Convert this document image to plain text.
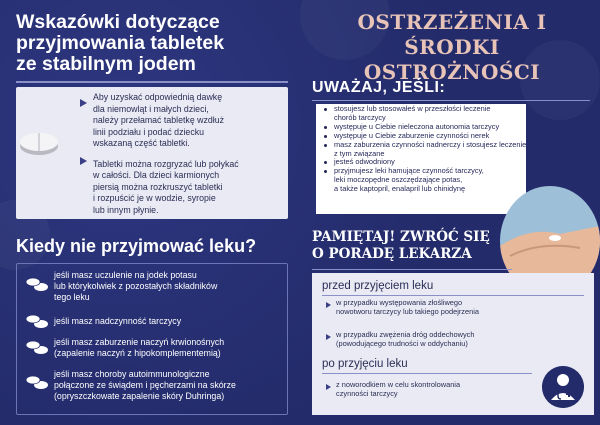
Wskazówki dotyczące
przyjmowania tabletek
ze stabilnym jodem

Aby uzyskać odpowiednią dawkę
dla niemowląt i małych dzieci,
należy przełamać tabletkę wzdłuż
linii podziału i podać dziecku
wskazaną część tabletki.

Tabletki można rozgryzać lub połykać
w całości. Dla dzieci karmionych
piersią można rozkruszyć tabletki
i rozpuścić je w wodzie, syropie
lub innym płynie.

Kiedy nie przyjmować leku?
jeśli masz uczulenie na jodek potasu
lub którykolwiek z pozostałych składników
tego leku
jeśli masz nadczynność tarczycy
jeśli masz zaburzenie naczyń krwionośnych
(zapalenie naczyń z hipokomplementemią)
jeśli masz choroby autoimmunologiczne
połączone ze świądem i pęcherzami na skórze
(opryszczkowate zapalenie skóry Duhringa)
OSTRZEŻENIA I ŚRODKI
OSTROŻNOŚCI
UWAŻAJ, JEŚLI:
stosujesz lub stosowałeś w przeszłości leczenie
chorób tarczycy
występuje u Ciebie nieleczona autonomia tarczycy
występuje u Ciebie zaburzenie czynności nerek
masz zaburzenia czynności nadnerczy i stosujesz leczenie
z tym związane
jesteś odwodniony
przyjmujesz leki hamujące czynność tarczycy,
leki moczopędne oszczędzające potas,
a także kaptopril, enalapril lub chinidynę
PAMIĘTAJ! ZWRÓĆ SIĘ
O PORADĘ LEKARZA
przed przyjęciem leku
w przypadku występowania złośliwego
nowotworu tarczycy lub takiego podejrzenia
w przypadku zwężenia dróg oddechowych
(powodującego trudności w oddychaniu)
po przyjęciu leku
z noworodkiem w celu skontrolowania
czynności tarczycy
